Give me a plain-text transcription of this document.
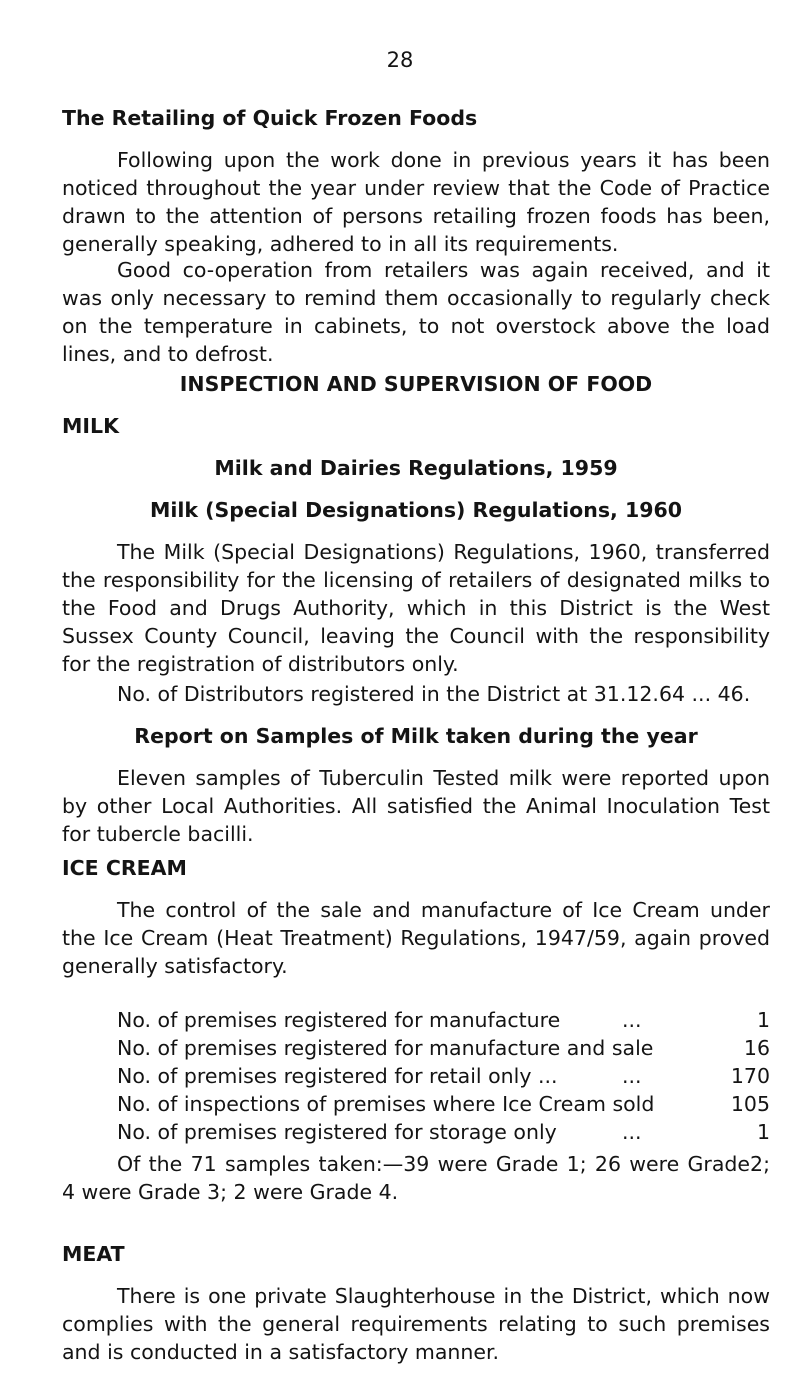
28
The Retailing of Quick Frozen Foods
Following upon the work done in previous years it has been noticed throughout the year under review that the Code of Practice drawn to the attention of persons retailing frozen foods has been, generally speaking, adhered to in all its requirements.
Good co-operation from retailers was again received, and it was only necessary to remind them occasionally to regularly check on the temperature in cabinets, to not overstock above the load lines, and to defrost.
INSPECTION AND SUPERVISION OF FOOD
MILK
Milk and Dairies Regulations, 1959
Milk (Special Designations) Regulations, 1960
The Milk (Special Designations) Regulations, 1960, transferred the responsibility for the licensing of retailers of designated milks to the Food and Drugs Authority, which in this District is the West Sussex County Council, leaving the Council with the responsibility for the registration of distributors only.
No. of Distributors registered in the District at 31.12.64 ... 46.
Report on Samples of Milk taken during the year
Eleven samples of Tuberculin Tested milk were reported upon by other Local Authorities. All satisfied the Animal Inoculation Test for tubercle bacilli.
ICE CREAM
The control of the sale and manufacture of Ice Cream under the Ice Cream (Heat Treatment) Regulations, 1947/59, again proved generally satisfactory.
No. of premises registered for manufacture	...	1
No. of premises registered for manufacture and sale	16
No. of premises registered for retail only ...	...	170
No. of inspections of premises where Ice Cream sold	105
No. of premises registered for storage only	...	1
Of the 71 samples taken:—39 were Grade 1; 26 were Grade2; 4 were Grade 3; 2 were Grade 4.
MEAT
There is one private Slaughterhouse in the District, which now complies with the general requirements relating to such premises and is conducted in a satisfactory manner.
